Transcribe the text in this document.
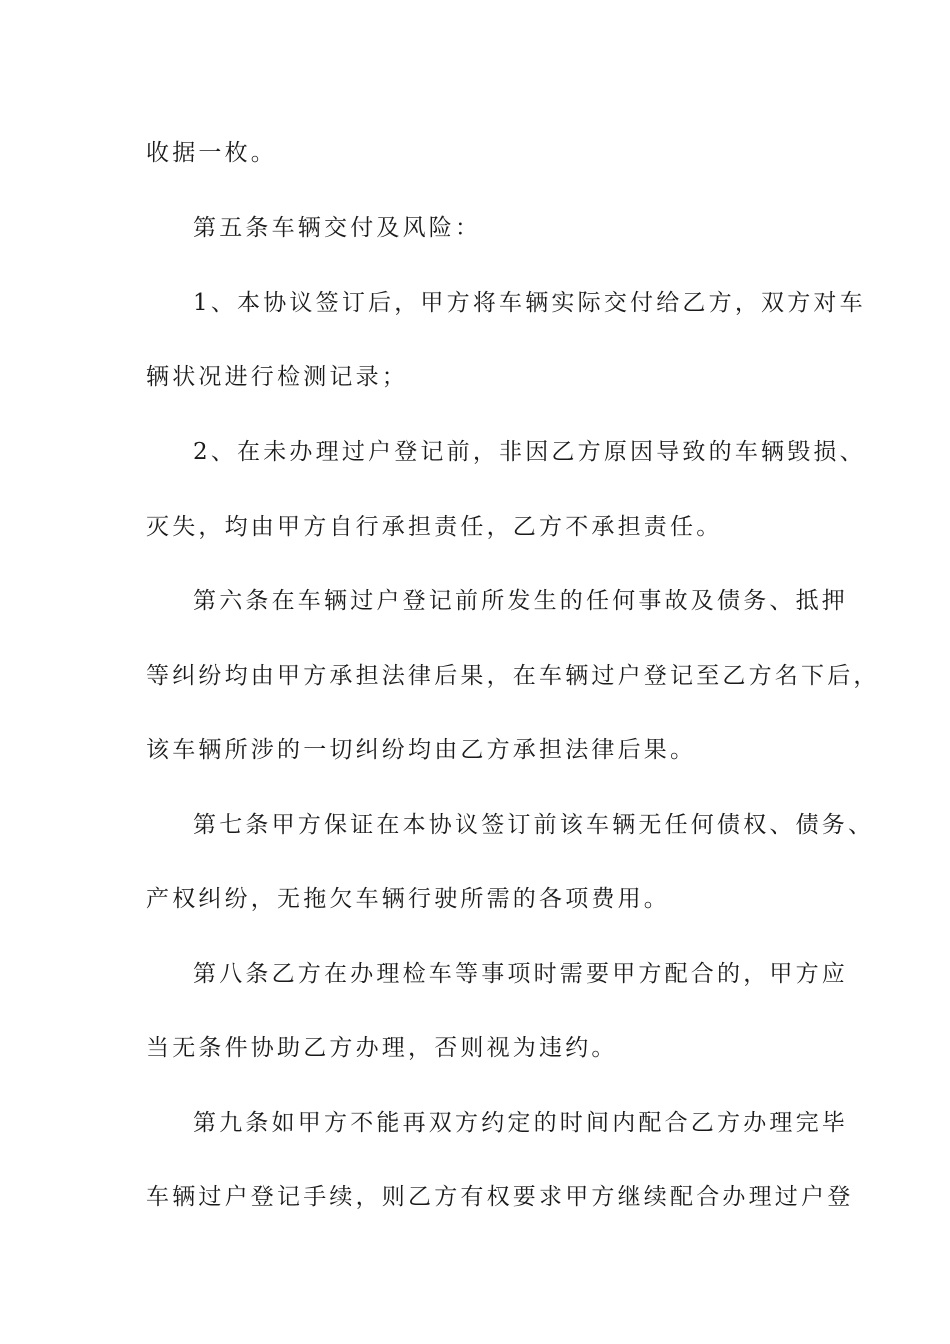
收据一枚。
第五条车辆交付及风险：
1、本协议签订后，甲方将车辆实际交付给乙方，双方对车
辆状况进行检测记录；
2、在未办理过户登记前，非因乙方原因导致的车辆毁损、
灭失，均由甲方自行承担责任，乙方不承担责任。
第六条在车辆过户登记前所发生的任何事故及债务、抵押
等纠纷均由甲方承担法律后果，在车辆过户登记至乙方名下后，
该车辆所涉的一切纠纷均由乙方承担法律后果。
第七条甲方保证在本协议签订前该车辆无任何债权、债务、
产权纠纷，无拖欠车辆行驶所需的各项费用。
第八条乙方在办理检车等事项时需要甲方配合的，甲方应
当无条件协助乙方办理，否则视为违约。
第九条如甲方不能再双方约定的时间内配合乙方办理完毕
车辆过户登记手续，则乙方有权要求甲方继续配合办理过户登
